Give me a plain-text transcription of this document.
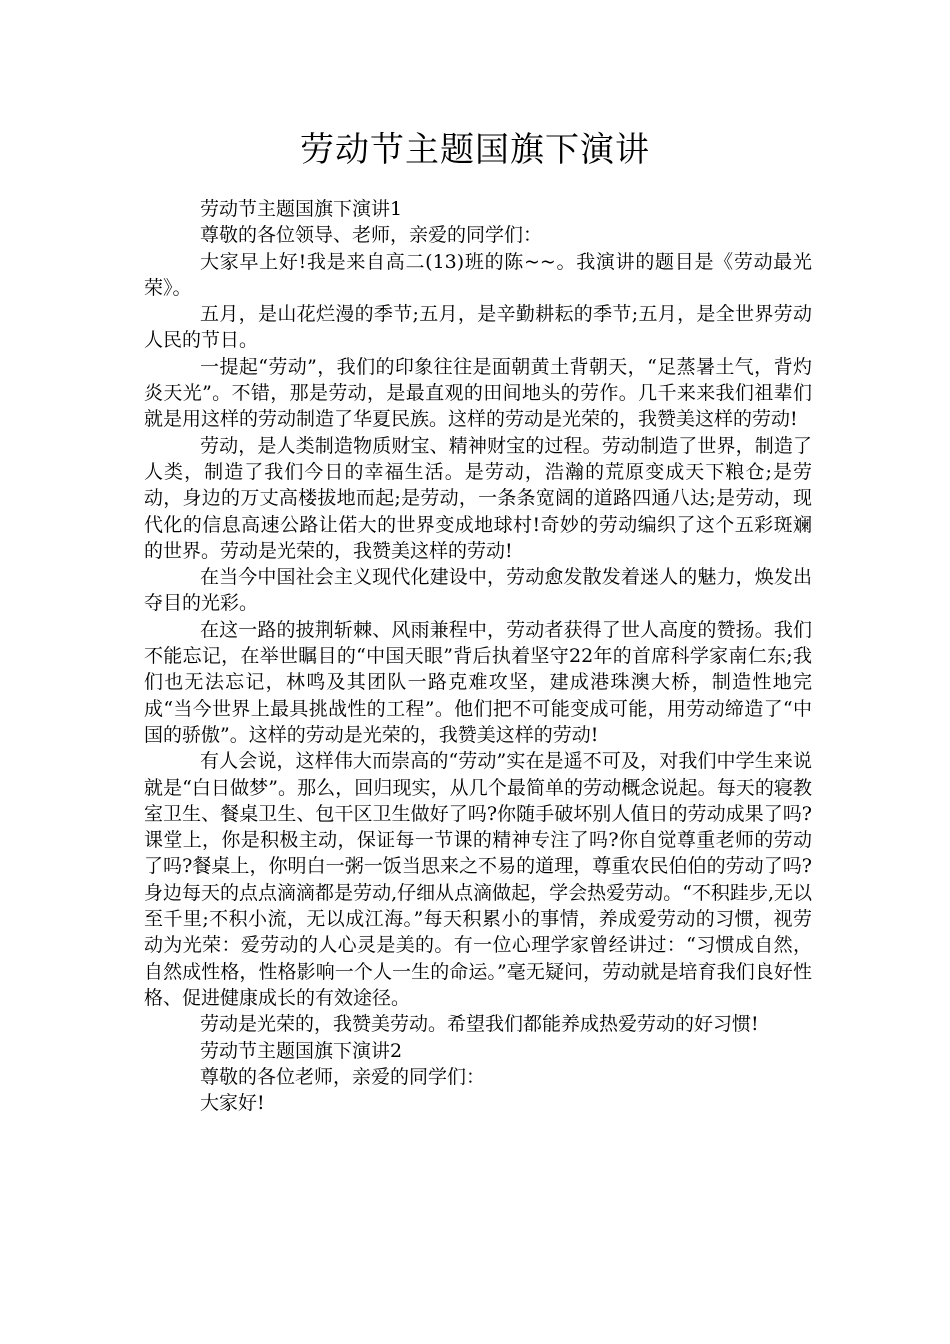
劳动节主题国旗下演讲

劳动节主题国旗下演讲1

尊敬的各位领导、老师，亲爱的同学们：

大家早上好!我是来自高二(13)班的陈~~。我演讲的题目是《劳动最光荣》。

五月，是山花烂漫的季节;五月，是辛勤耕耘的季节;五月，是全世界劳动人民的节日。

一提起“劳动”，我们的印象往往是面朝黄土背朝天，“足蒸暑土气，背灼炎天光”。不错，那是劳动，是最直观的田间地头的劳作。几千来来我们祖辈们就是用这样的劳动制造了华夏民族。这样的劳动是光荣的，我赞美这样的劳动!

劳动，是人类制造物质财宝、精神财宝的过程。劳动制造了世界，制造了人类，制造了我们今日的幸福生活。是劳动，浩瀚的荒原变成天下粮仓;是劳动，身边的万丈高楼拔地而起;是劳动，一条条宽阔的道路四通八达;是劳动，现代化的信息高速公路让偌大的世界变成地球村!奇妙的劳动编织了这个五彩斑斓的世界。劳动是光荣的，我赞美这样的劳动!

在当今中国社会主义现代化建设中，劳动愈发散发着迷人的魅力，焕发出夺目的光彩。

在这一路的披荆斩棘、风雨兼程中，劳动者获得了世人高度的赞扬。我们不能忘记，在举世瞩目的“中国天眼”背后执着坚守22年的首席科学家南仁东;我们也无法忘记，林鸣及其团队一路克难攻坚，建成港珠澳大桥，制造性地完成“当今世界上最具挑战性的工程”。他们把不可能变成可能，用劳动缔造了“中国的骄傲”。这样的劳动是光荣的，我赞美这样的劳动!

有人会说，这样伟大而崇高的“劳动”实在是遥不可及，对我们中学生来说就是“白日做梦”。那么，回归现实，从几个最简单的劳动概念说起。每天的寝教室卫生、餐桌卫生、包干区卫生做好了吗?你随手破坏别人值日的劳动成果了吗?课堂上，你是积极主动，保证每一节课的精神专注了吗?你自觉尊重老师的劳动了吗?餐桌上，你明白一粥一饭当思来之不易的道理，尊重农民伯伯的劳动了吗?身边每天的点点滴滴都是劳动,仔细从点滴做起，学会热爱劳动。“不积跬步,无以至千里;不积小流，无以成江海。”每天积累小的事情，养成爱劳动的习惯，视劳动为光荣：爱劳动的人心灵是美的。有一位心理学家曾经讲过：“习惯成自然，自然成性格，性格影响一个人一生的命运。”毫无疑问，劳动就是培育我们良好性格、促进健康成长的有效途径。

劳动是光荣的，我赞美劳动。希望我们都能养成热爱劳动的好习惯!

劳动节主题国旗下演讲2

尊敬的各位老师，亲爱的同学们：

大家好!
